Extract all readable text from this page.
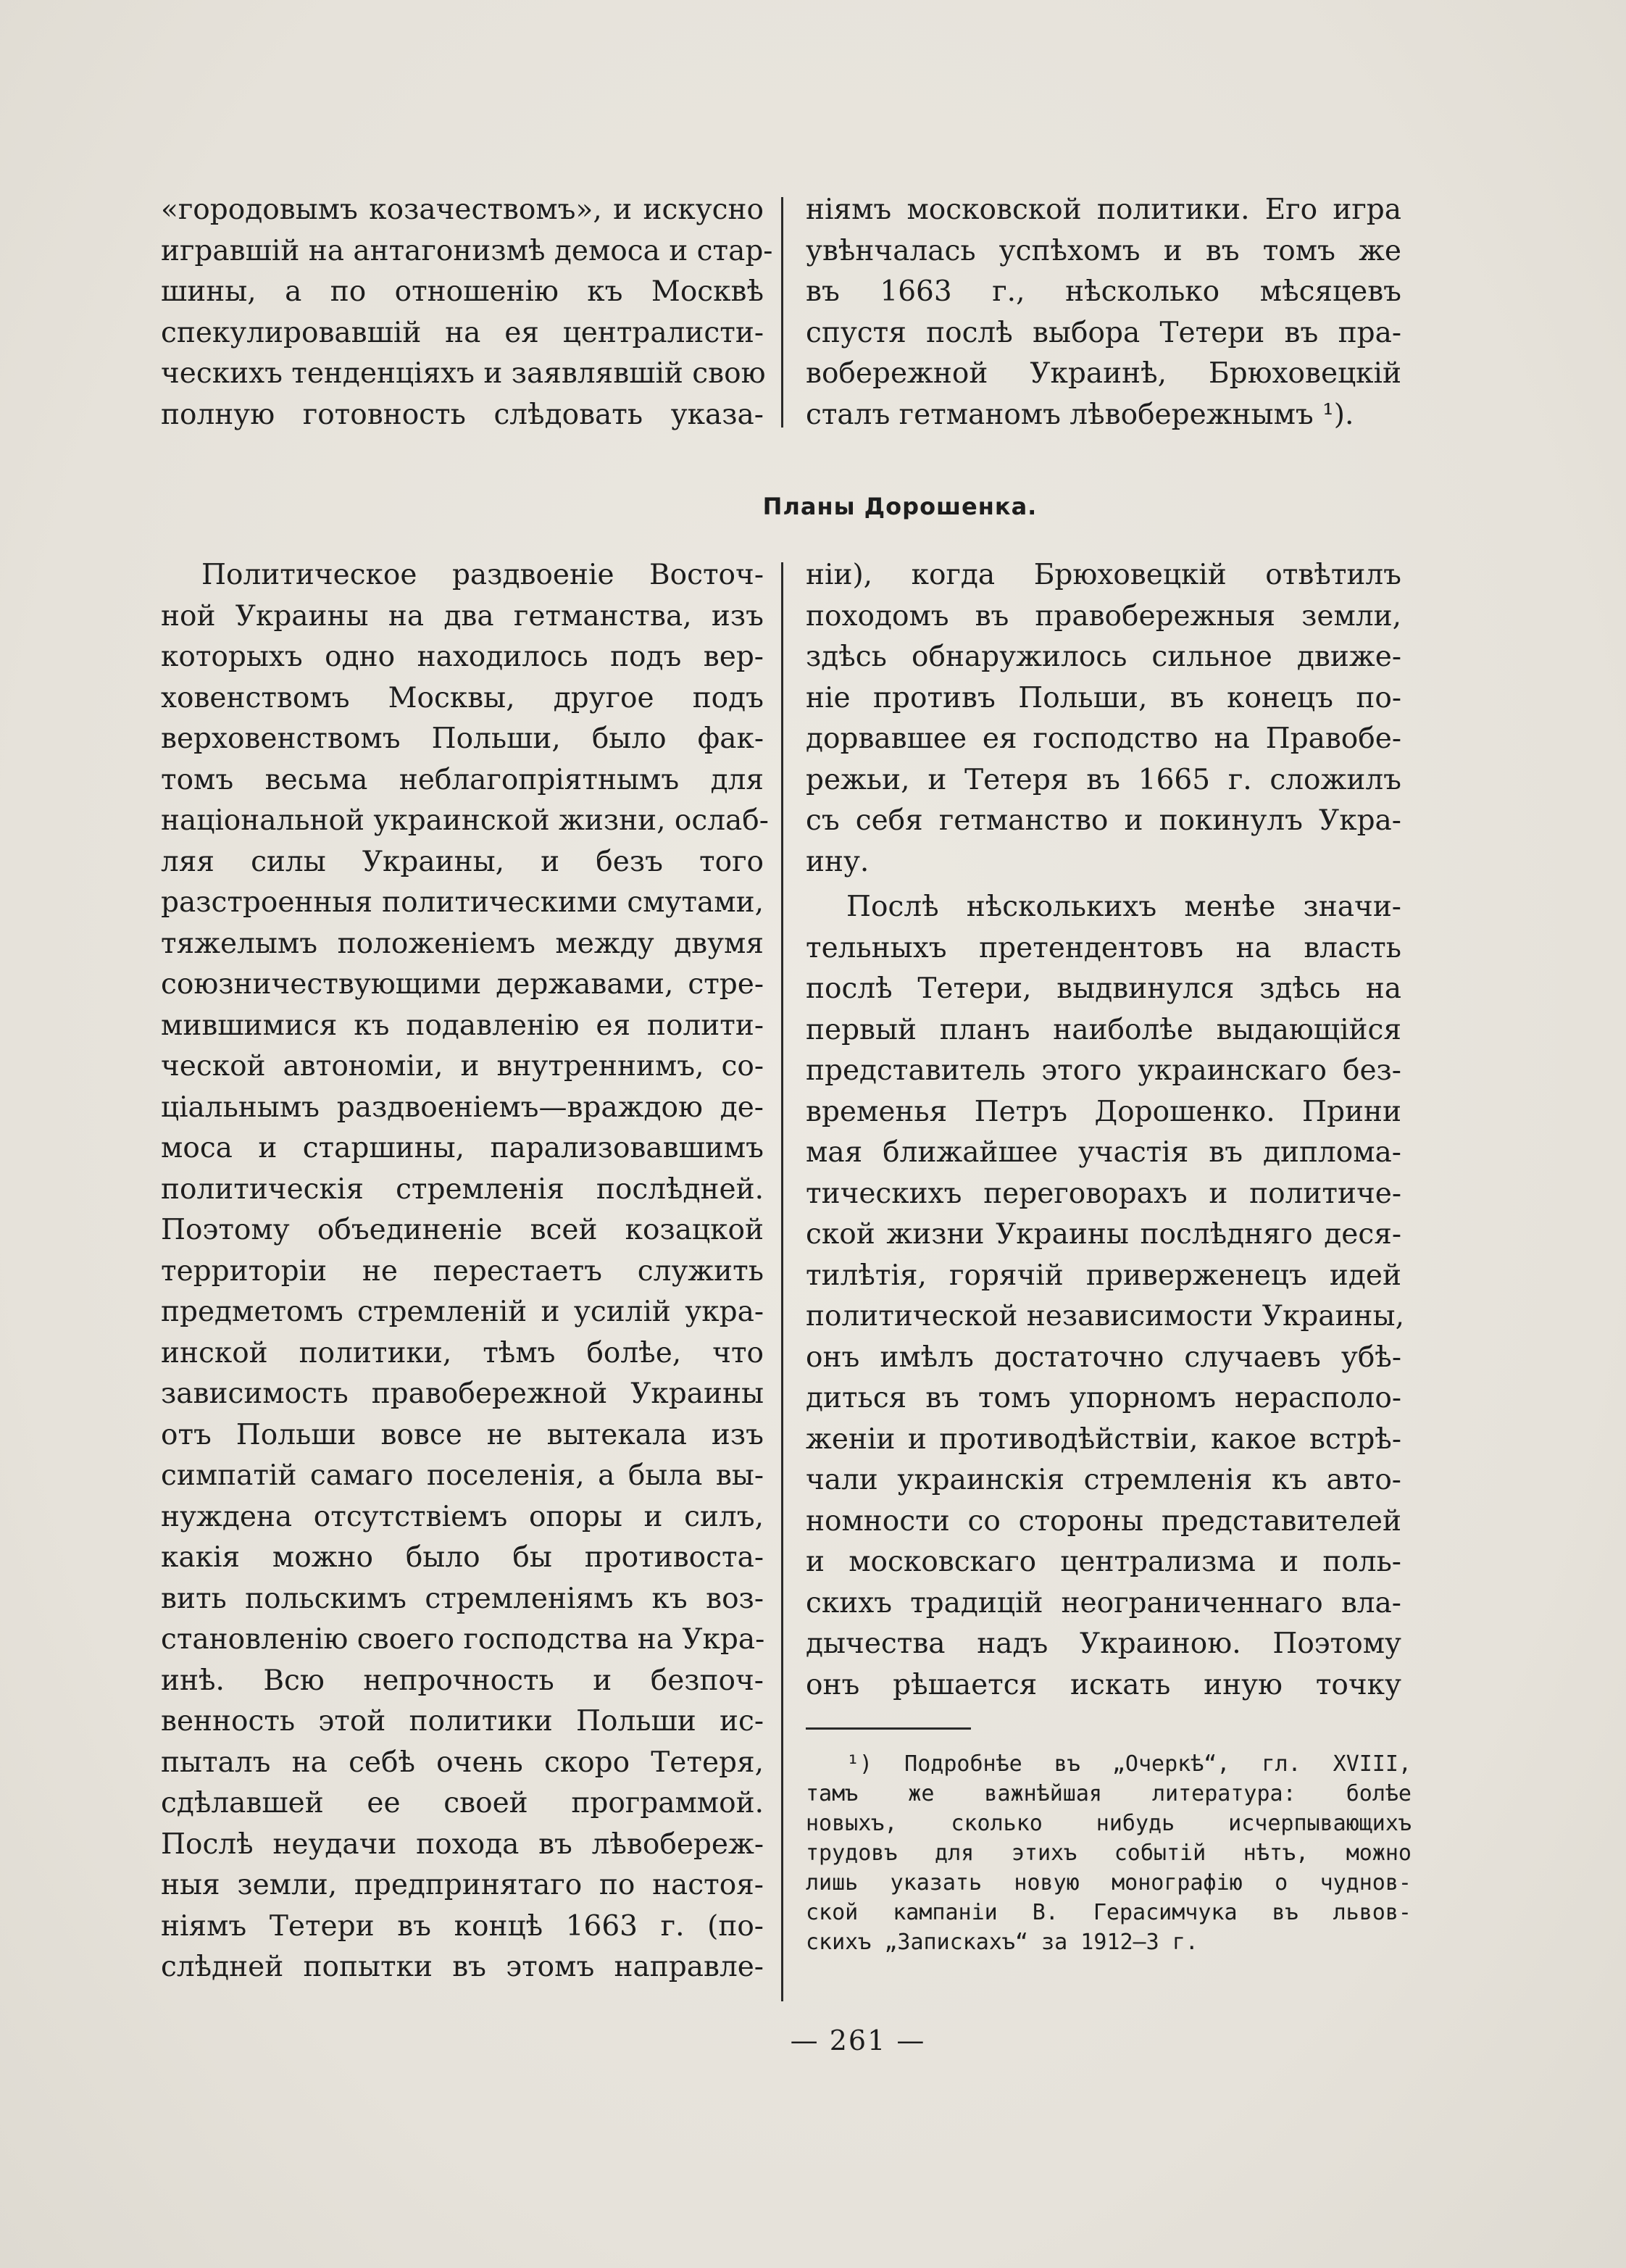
«городовымъ козачествомъ», и искусно
игравшій на антагонизмѣ демоса и стар-
шины, а по отношенію къ Москвѣ
спекулировавшій на ея централисти-
ческихъ тенденціяхъ и заявлявшій свою
полную готовность слѣдовать указа-
ніямъ московской политики. Его игра
увѣнчалась успѣхомъ и въ томъ же
въ 1663 г., нѣсколько мѣсяцевъ
спустя послѣ выбора Тетери въ пра-
вобережной Украинѣ, Брюховецкій
сталъ гетманомъ лѣвобережнымъ ¹).
Планы Дорошенка.
Политическое раздвоеніе Восточ-
ной Украины на два гетманства, изъ
которыхъ одно находилось подъ вер-
ховенствомъ Москвы, другое подъ
верховенствомъ Польши, было фак-
томъ весьма неблагопріятнымъ для
національной украинской жизни, ослаб-
ляя силы Украины, и безъ того
разстроенныя политическими смутами,
тяжелымъ положеніемъ между двумя
союзничествующими державами, стре-
мившимися къ подавленію ея полити-
ческой автономіи, и внутреннимъ, со-
ціальнымъ раздвоеніемъ—враждою де-
моса и старшины, парализовавшимъ
политическія стремленія послѣдней.
Поэтому объединеніе всей козацкой
территоріи не перестаетъ служить
предметомъ стремленій и усилій укра-
инской политики, тѣмъ болѣе, что
зависимость правобережной Украины
отъ Польши вовсе не вытекала изъ
симпатій самаго поселенія, а была вы-
нуждена отсутствіемъ опоры и силъ,
какія можно было бы противоста-
вить польскимъ стремленіямъ къ воз-
становленію своего господства на Укра-
инѣ. Всю непрочность и безпоч-
венность этой политики Польши ис-
пыталъ на себѣ очень скоро Тетеря,
сдѣлавшей ее своей программой.
Послѣ неудачи похода въ лѣвобереж-
ныя земли, предпринятаго по настоя-
ніямъ Тетери въ концѣ 1663 г. (по-
слѣдней попытки въ этомъ направле-
ніи), когда Брюховецкій отвѣтилъ
походомъ въ правобережныя земли,
здѣсь обнаружилось сильное движе-
ніе противъ Польши, въ конецъ по-
дорвавшее ея господство на Правобе-
режьи, и Тетеря въ 1665 г. сложилъ
съ себя гетманство и покинулъ Укра-
ину.
Послѣ нѣсколькихъ менѣе значи-
тельныхъ претендентовъ на власть
послѣ Тетери, выдвинулся здѣсь на
первый планъ наиболѣе выдающійся
представитель этого украинскаго без-
временья Петръ Дорошенко. Прини
мая ближайшее участія въ диплома-
тическихъ переговорахъ и политиче-
ской жизни Украины послѣдняго деся-
тилѣтія, горячій приверженецъ идей
политической независимости Украины,
онъ имѣлъ достаточно случаевъ убѣ-
диться въ томъ упорномъ нерасполо-
женіи и противодѣйствіи, какое встрѣ-
чали украинскія стремленія къ авто-
номности со стороны представителей
и московскаго централизма и поль-
скихъ традицій неограниченнаго вла-
дычества надъ Украиною. Поэтому
онъ рѣшается искать иную точку
¹) Подробнѣе въ „Очеркѣ“, гл. XVIII,
тамъ же важнѣйшая литература: болѣе
новыхъ, сколько нибудь исчерпывающихъ
трудовъ для этихъ событій нѣтъ, можно
лишь указать новую монографію о чуднов-
ской кампаніи В. Герасимчука въ львов-
скихъ „Запискахъ“ за 1912—3 г.
— 261 —
